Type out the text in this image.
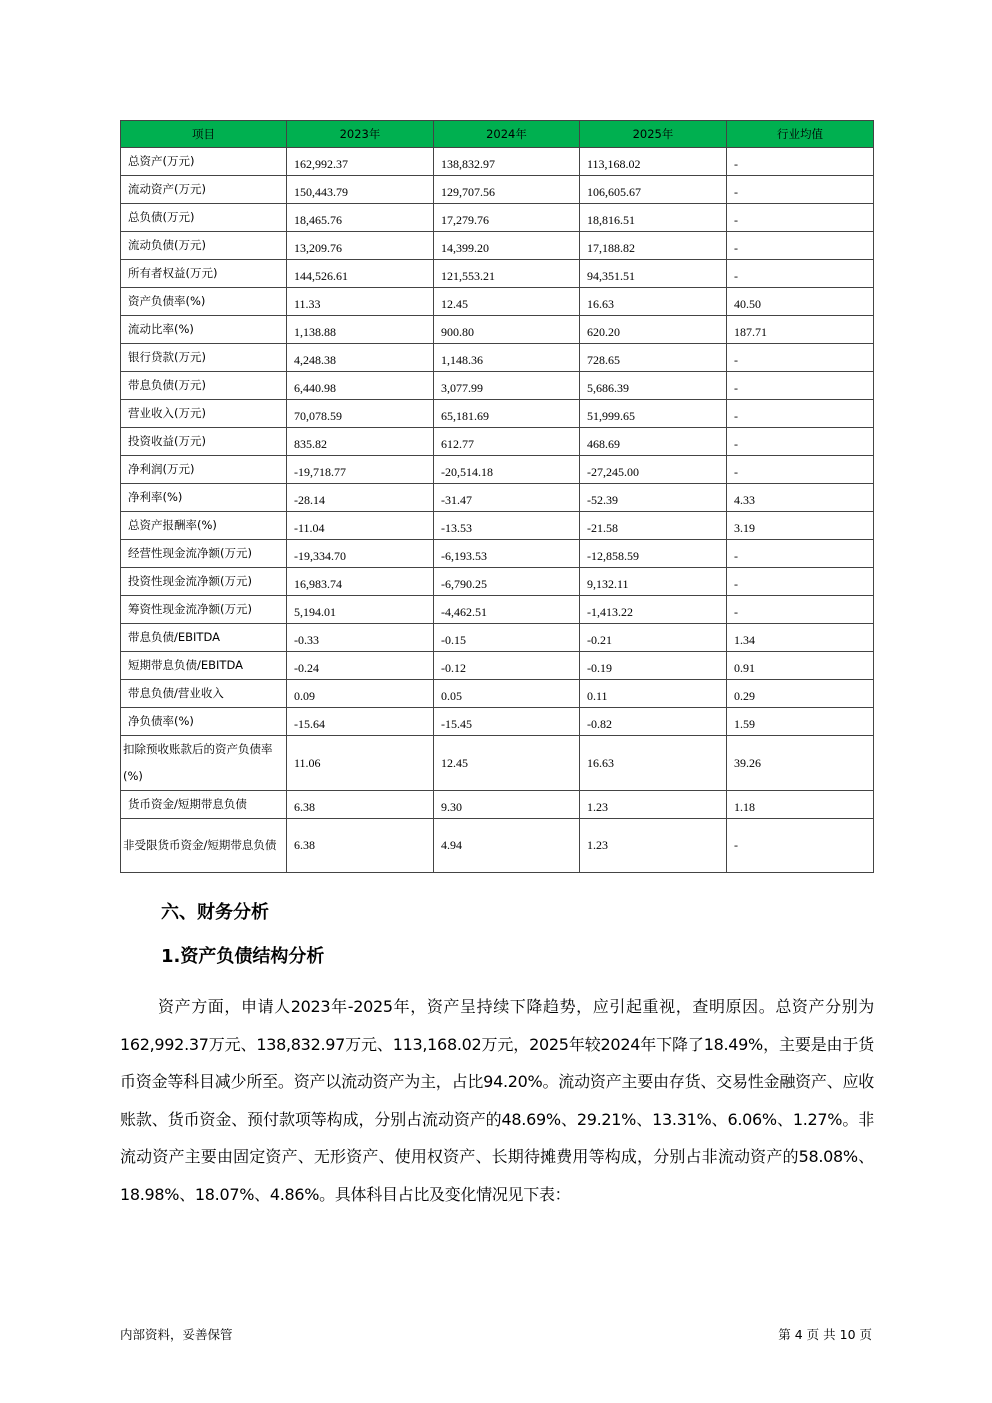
项目	2023年	2024年	2025年	行业均值
总资产(万元)	162,992.37	138,832.97	113,168.02	-
流动资产(万元)	150,443.79	129,707.56	106,605.67	-
总负债(万元)	18,465.76	17,279.76	18,816.51	-
流动负债(万元)	13,209.76	14,399.20	17,188.82	-
所有者权益(万元)	144,526.61	121,553.21	94,351.51	-
资产负债率(%)	11.33	12.45	16.63	40.50
流动比率(%)	1,138.88	900.80	620.20	187.71
银行贷款(万元)	4,248.38	1,148.36	728.65	-
带息负债(万元)	6,440.98	3,077.99	5,686.39	-
营业收入(万元)	70,078.59	65,181.69	51,999.65	-
投资收益(万元)	835.82	612.77	468.69	-
净利润(万元)	-19,718.77	-20,514.18	-27,245.00	-
净利率(%)	-28.14	-31.47	-52.39	4.33
总资产报酬率(%)	-11.04	-13.53	-21.58	3.19
经营性现金流净额(万元)	-19,334.70	-6,193.53	-12,858.59	-
投资性现金流净额(万元)	16,983.74	-6,790.25	9,132.11	-
筹资性现金流净额(万元)	5,194.01	-4,462.51	-1,413.22	-
带息负债/EBITDA	-0.33	-0.15	-0.21	1.34
短期带息负债/EBITDA	-0.24	-0.12	-0.19	0.91
带息负债/营业收入	0.09	0.05	0.11	0.29
净负债率(%)	-15.64	-15.45	-0.82	1.59
扣除预收账款后的资产负债率(%)	11.06	12.45	16.63	39.26
货币资金/短期带息负债	6.38	9.30	1.23	1.18
非受限货币资金/短期带息负债	6.38	4.94	1.23	-
六、财务分析
1.资产负债结构分析
资产方面，申请人2023年-2025年，资产呈持续下降趋势，应引起重视，查明原因。总资产分别为162,992.37万元、138,832.97万元、113,168.02万元，2025年较2024年下降了18.49%，主要是由于货币资金等科目减少所至。资产以流动资产为主，占比94.20%。流动资产主要由存货、交易性金融资产、应收账款、货币资金、预付款项等构成，分别占流动资产的48.69%、29.21%、13.31%、6.06%、1.27%。非流动资产主要由固定资产、无形资产、使用权资产、长期待摊费用等构成，分别占非流动资产的58.08%、18.98%、18.07%、4.86%。具体科目占比及变化情况见下表：
内部资料，妥善保管	第 4 页 共 10 页
